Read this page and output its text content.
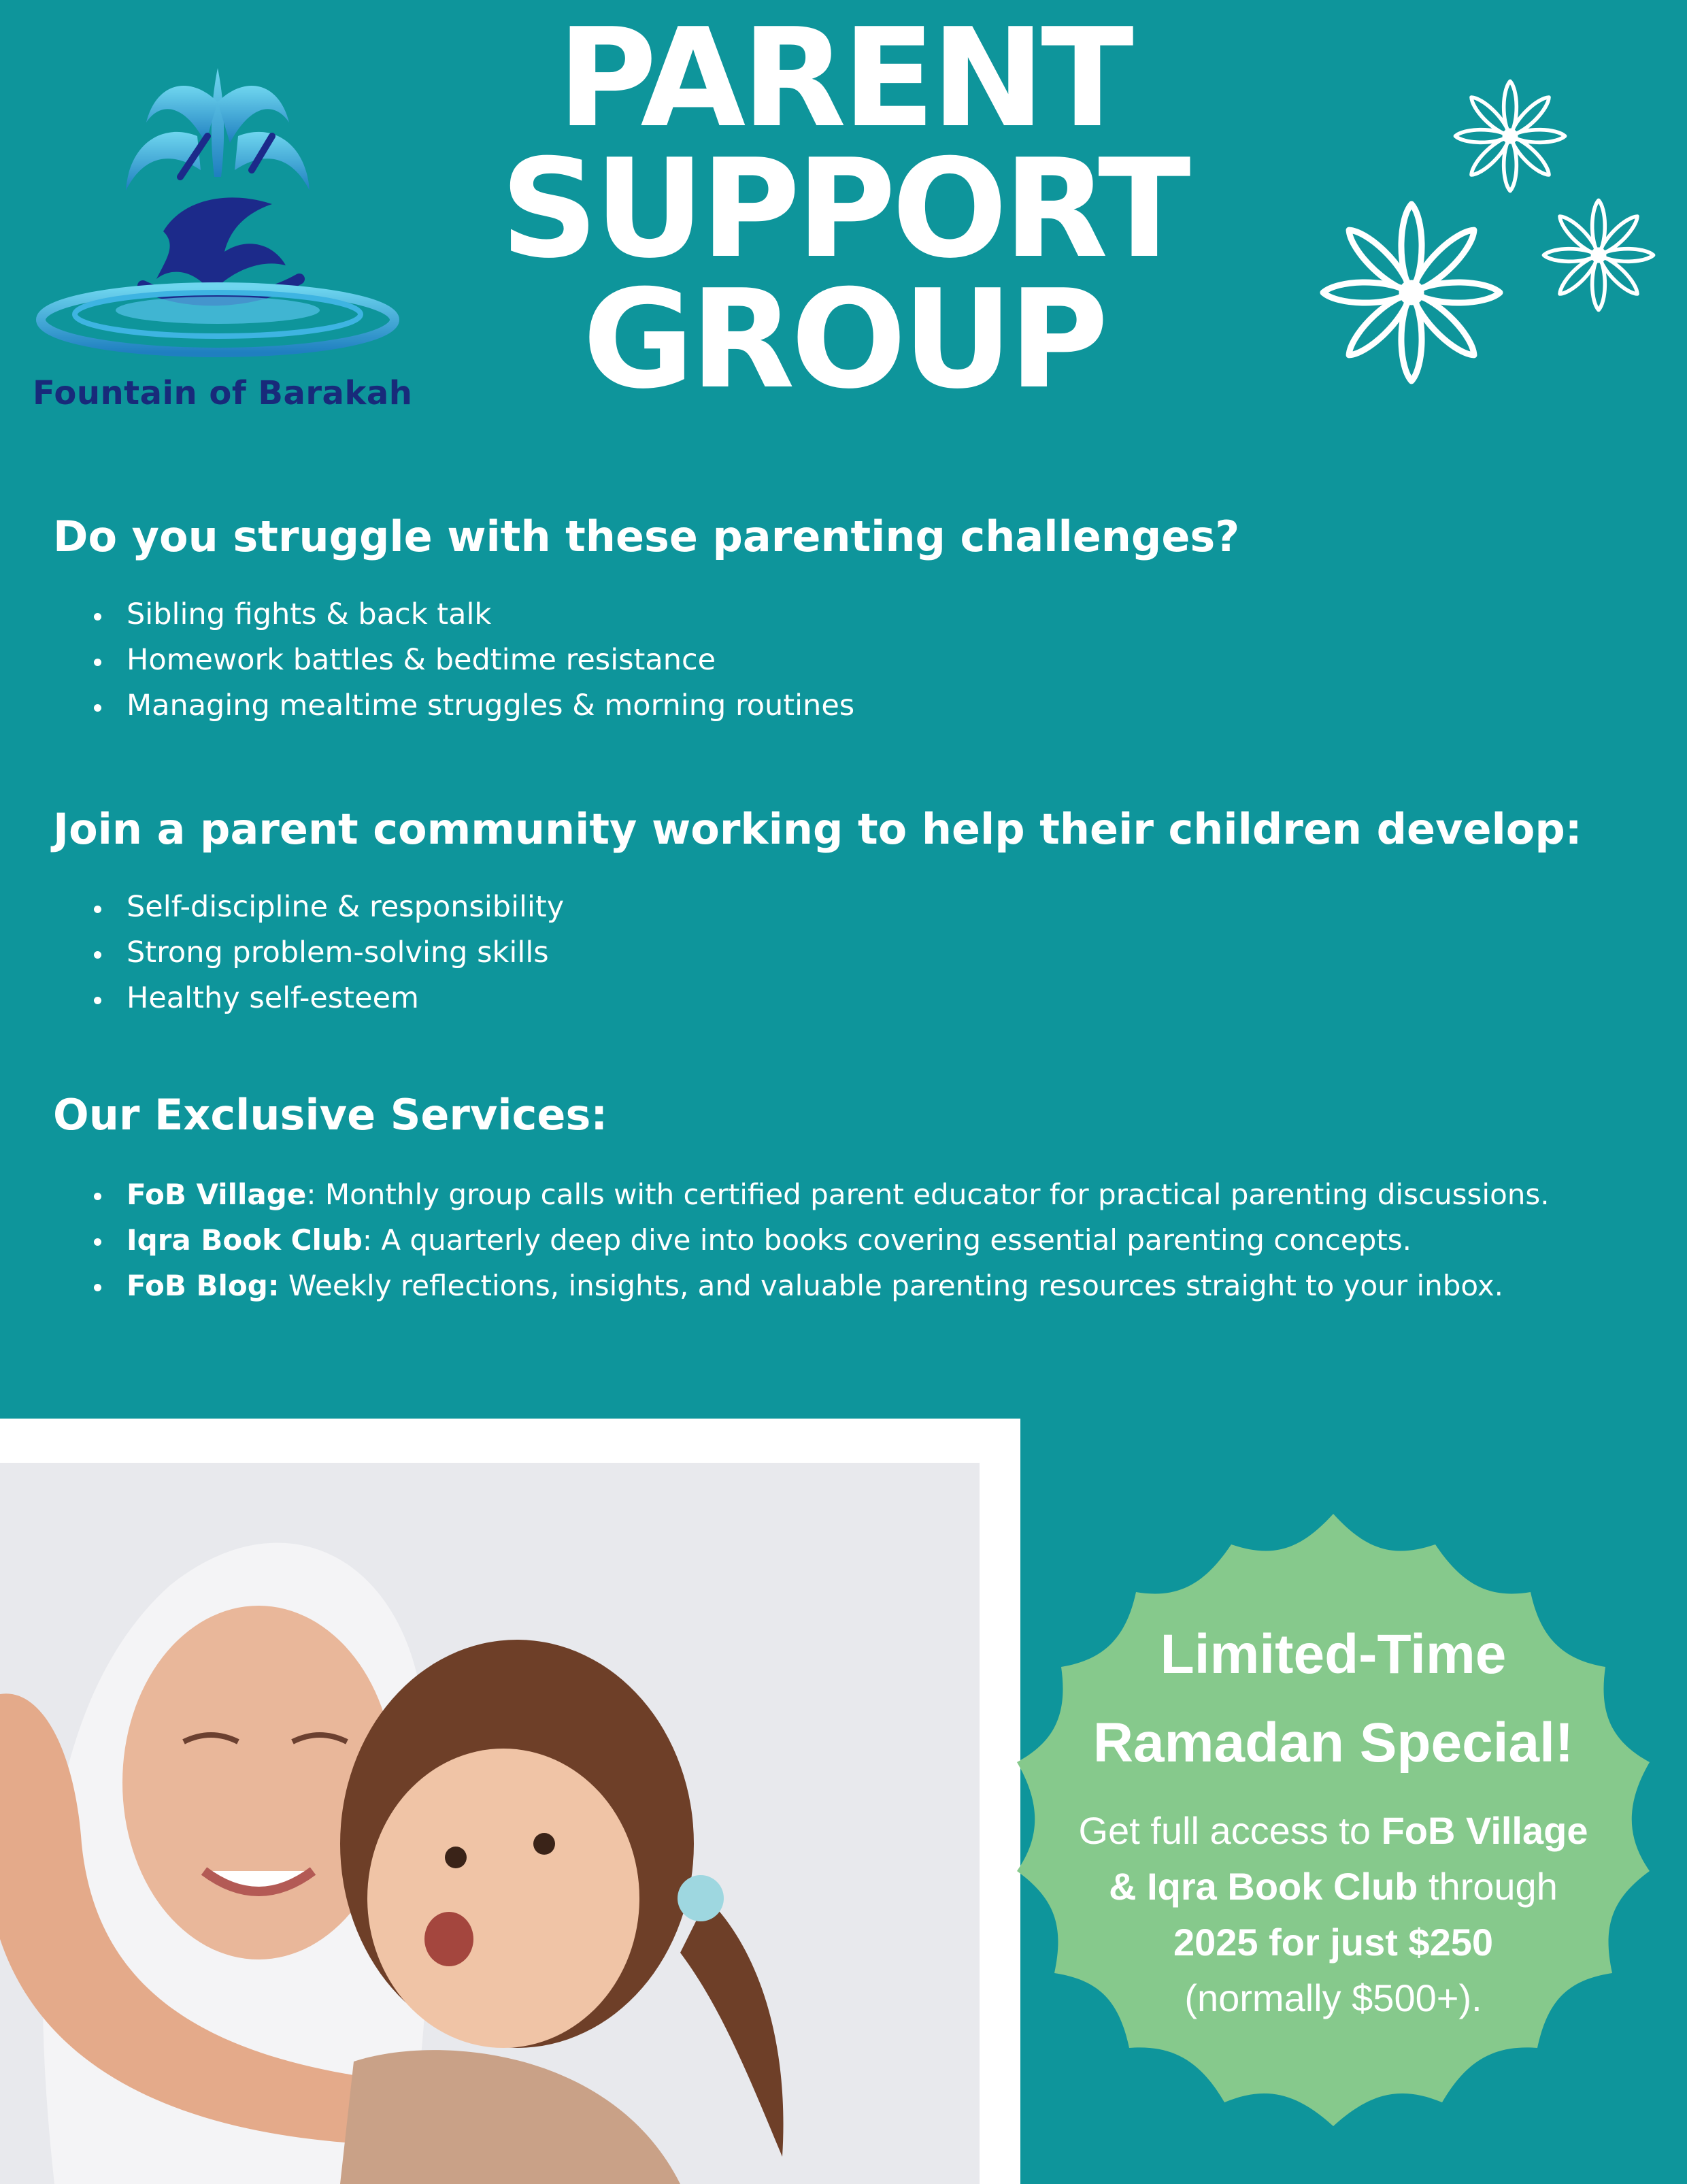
Fountain of Barakah
PARENT
SUPPORT
GROUP
Do you struggle with these parenting challenges?
Sibling fights & back talk
Homework battles & bedtime resistance
Managing mealtime struggles & morning routines
Join a parent community working to help their children develop:
Self-discipline & responsibility
Strong problem-solving skills
Healthy self-esteem
Our Exclusive Services:
FoB Village: Monthly group calls with certified parent educator for practical parenting discussions.
Iqra Book Club: A quarterly deep dive into books covering essential parenting concepts.
FoB Blog: Weekly reflections, insights, and valuable parenting resources straight to your inbox.
Limited-Time
Ramadan Special!
Get full access to FoB Village
& Iqra Book Club through
2025 for just $250
(normally $500+).
